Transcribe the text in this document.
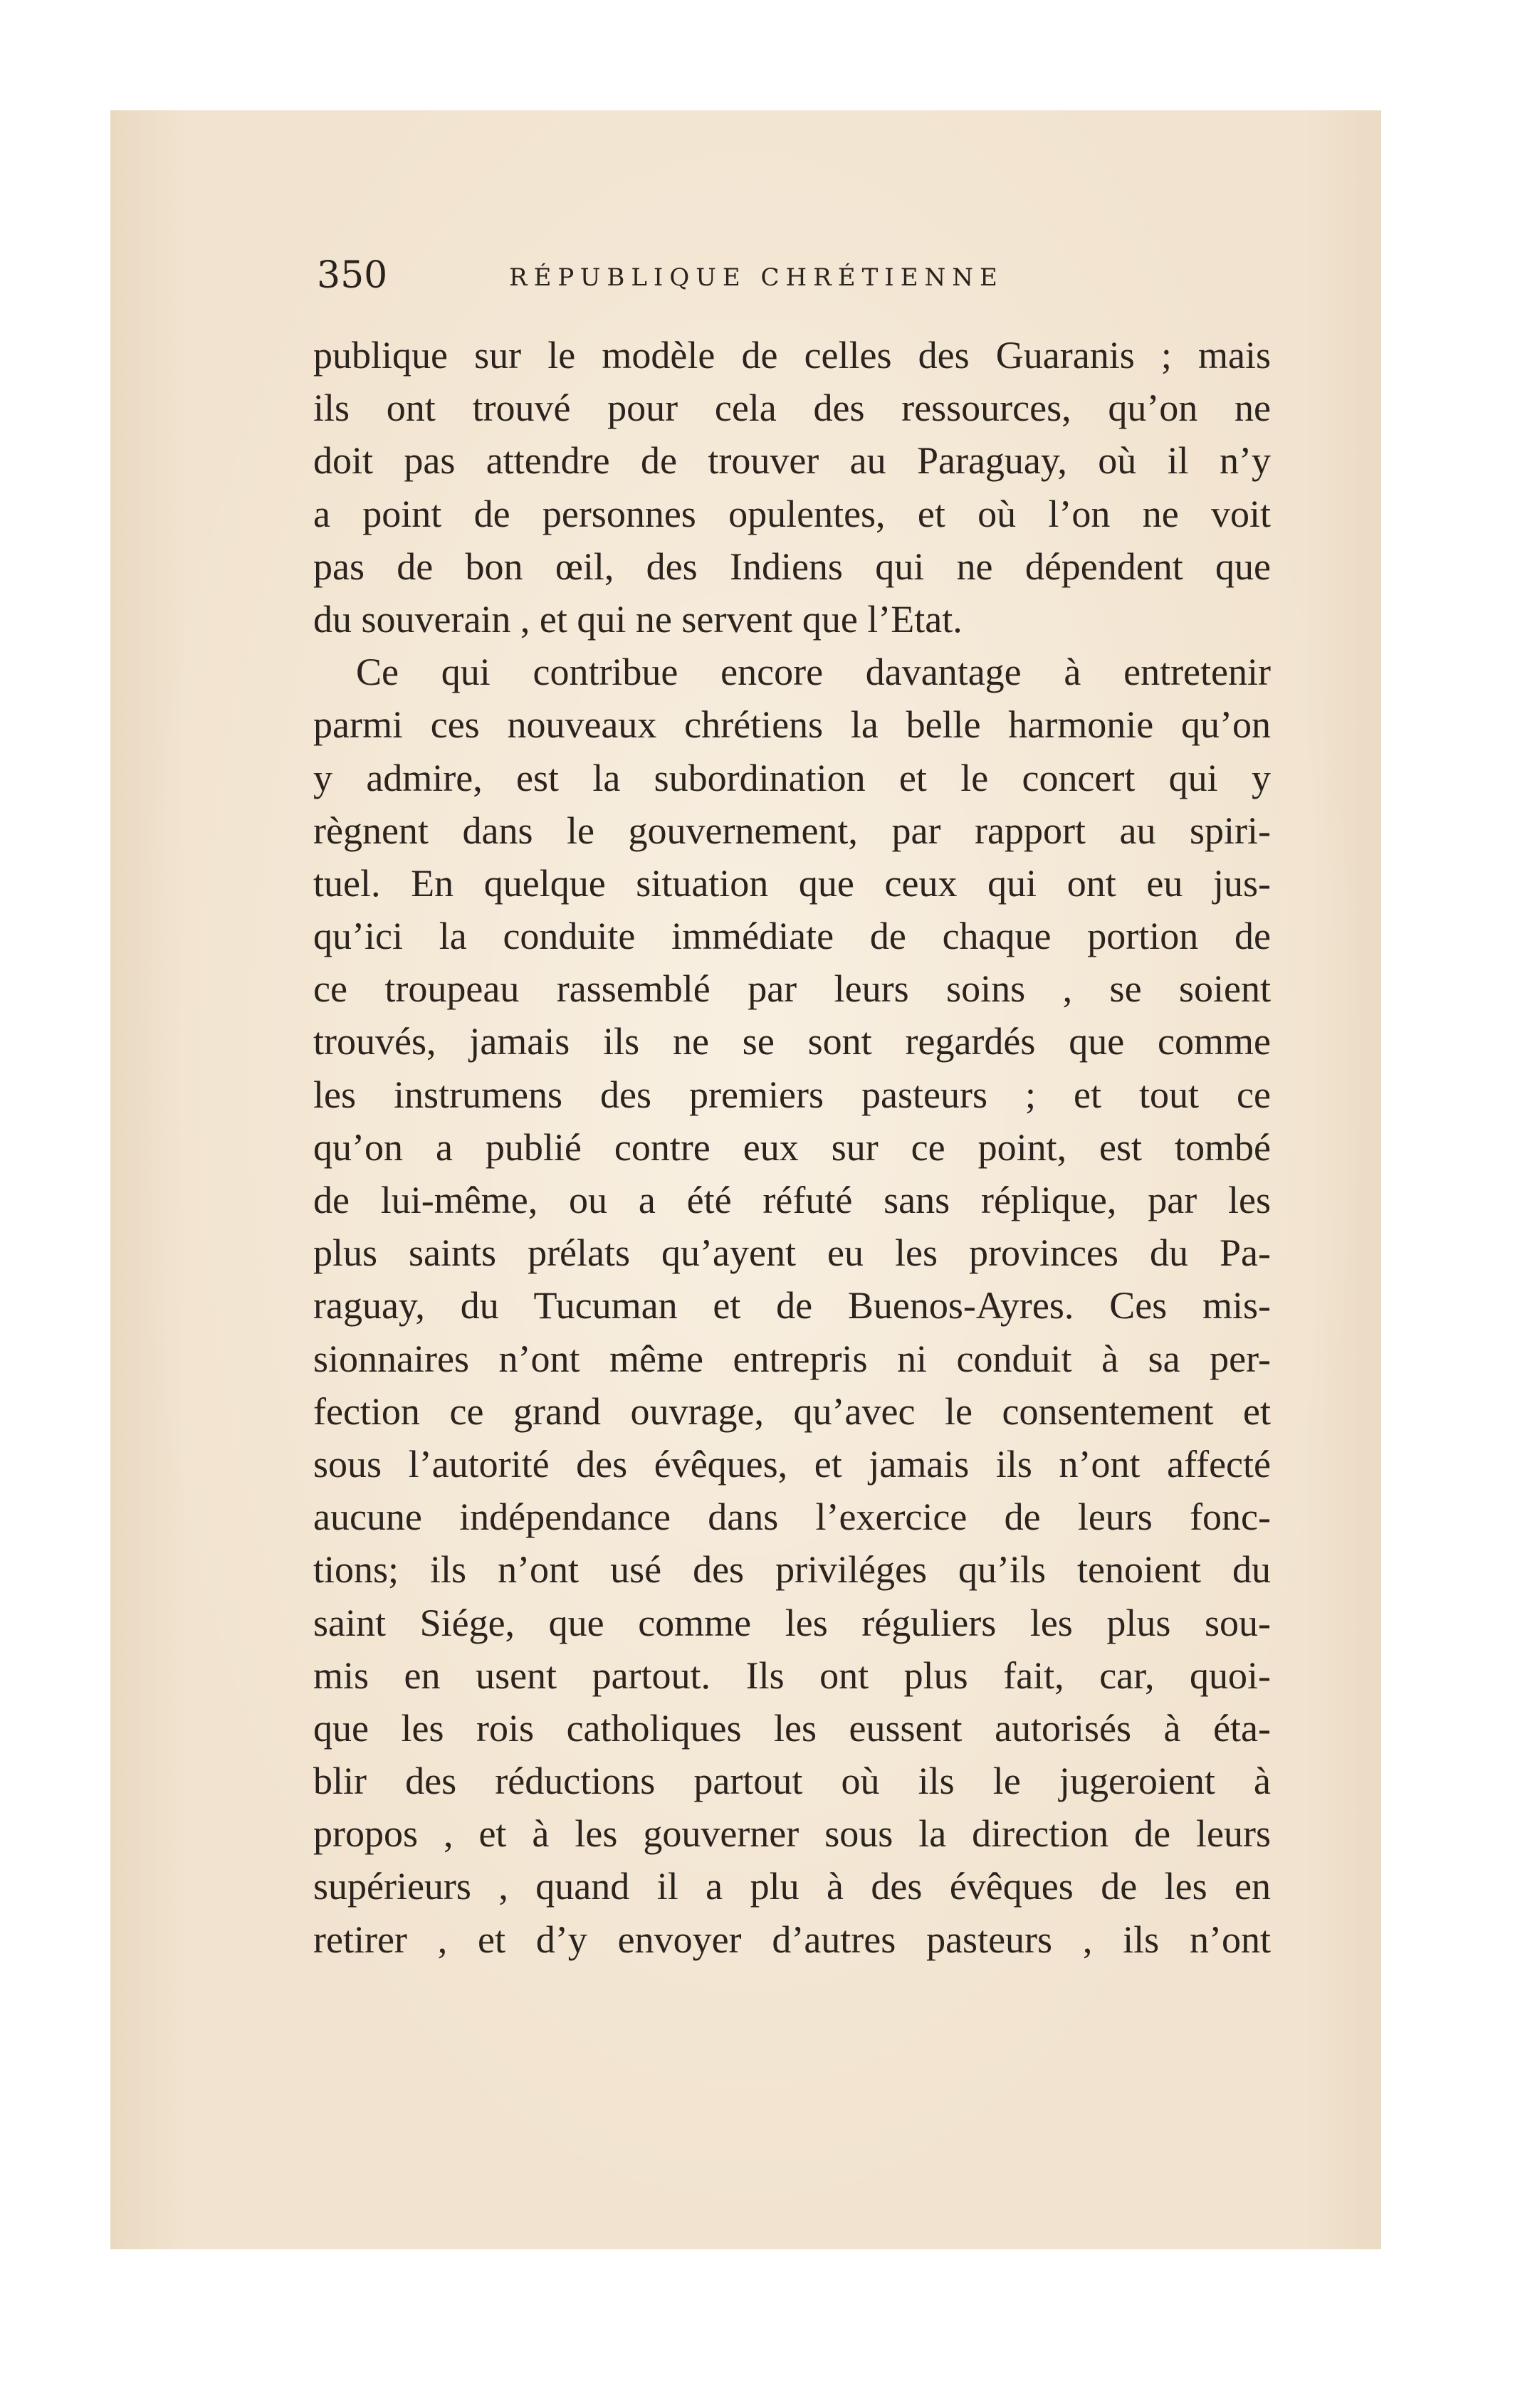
350	RÉPUBLIQUE CHRÉTIENNE
publique sur le modèle de celles des Guaranis ; mais
ils ont trouvé pour cela des ressources, qu’on ne
doit pas attendre de trouver au Paraguay, où il n’y
a point de personnes opulentes, et où l’on ne voit
pas de bon œil, des Indiens qui ne dépendent que
du souverain , et qui ne servent que l’Etat.
Ce qui contribue encore davantage à entretenir
parmi ces nouveaux chrétiens la belle harmonie qu’on
y admire, est la subordination et le concert qui y
règnent dans le gouvernement, par rapport au spiri-
tuel. En quelque situation que ceux qui ont eu jus-
qu’ici la conduite immédiate de chaque portion de
ce troupeau rassemblé par leurs soins , se soient
trouvés, jamais ils ne se sont regardés que comme
les instrumens des premiers pasteurs ; et tout ce
qu’on a publié contre eux sur ce point, est tombé
de lui-même, ou a été réfuté sans réplique, par les
plus saints prélats qu’ayent eu les provinces du Pa-
raguay, du Tucuman et de Buenos-Ayres. Ces mis-
sionnaires n’ont même entrepris ni conduit à sa per-
fection ce grand ouvrage, qu’avec le consentement et
sous l’autorité des évêques, et jamais ils n’ont affecté
aucune indépendance dans l’exercice de leurs fonc-
tions; ils n’ont usé des priviléges qu’ils tenoient du
saint Siége, que comme les réguliers les plus sou-
mis en usent partout. Ils ont plus fait, car, quoi-
que les rois catholiques les eussent autorisés à éta-
blir des réductions partout où ils le jugeroient à
propos , et à les gouverner sous la direction de leurs
supérieurs , quand il a plu à des évêques de les en
retirer , et d’y envoyer d’autres pasteurs , ils n’ont
